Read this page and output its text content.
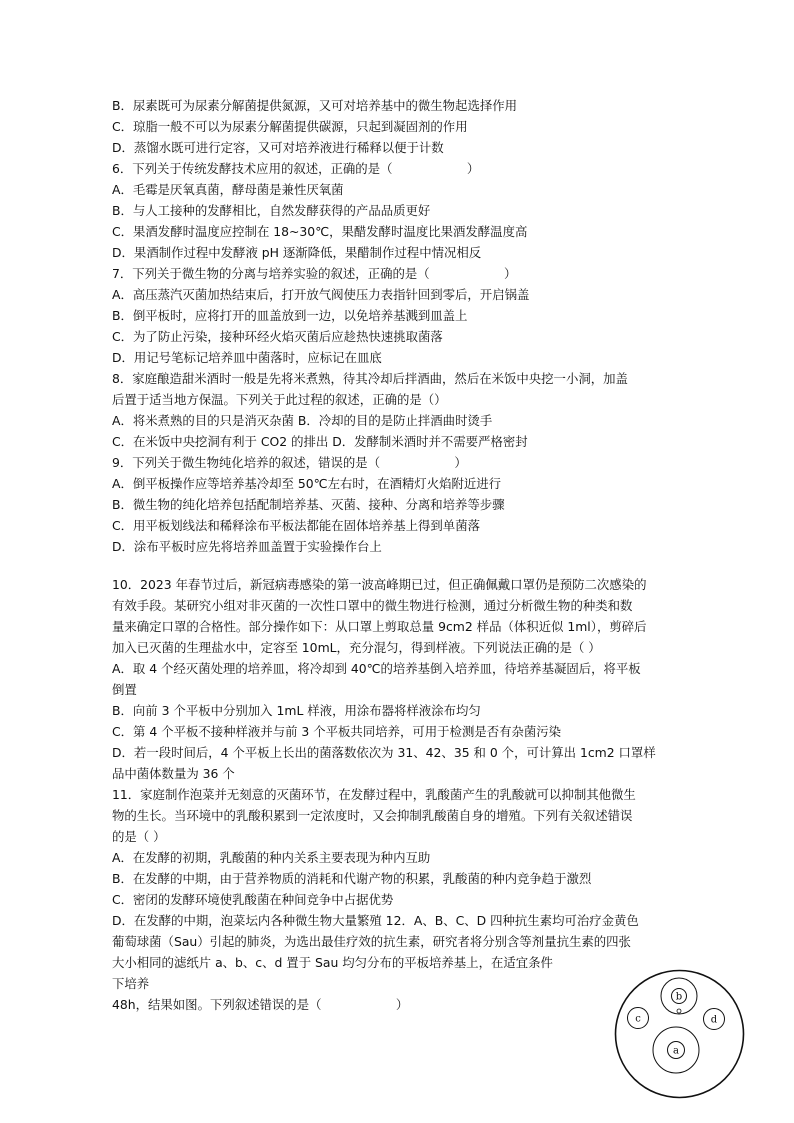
B．尿素既可为尿素分解菌提供氮源，又可对培养基中的微生物起选择作用
C．琼脂一般不可以为尿素分解菌提供碳源，只起到凝固剂的作用
D．蒸馏水既可进行定容，又可对培养液进行稀释以便于计数
6．下列关于传统发酵技术应用的叙述，正确的是（　　　　　　）
A．毛霉是厌氧真菌，酵母菌是兼性厌氧菌
B．与人工接种的发酵相比，自然发酵获得的产品品质更好
C．果酒发酵时温度应控制在 18~30℃，果醋发酵时温度比果酒发酵温度高
D．果酒制作过程中发酵液 pH 逐渐降低，果醋制作过程中情况相反
7．下列关于微生物的分离与培养实验的叙述，正确的是（　　　　　　）
A．高压蒸汽灭菌加热结束后，打开放气阀使压力表指针回到零后，开启锅盖
B．倒平板时，应将打开的皿盖放到一边，以免培养基溅到皿盖上
C．为了防止污染，接种环经火焰灭菌后应趁热快速挑取菌落
D．用记号笔标记培养皿中菌落时，应标记在皿底
8．家庭酿造甜米酒时一般是先将米煮熟，待其冷却后拌酒曲，然后在米饭中央挖一小洞，加盖
后置于适当地方保温。下列关于此过程的叙述，正确的是（）
A．将米煮熟的目的只是消灭杂菌 B．冷却的目的是防止拌酒曲时烫手
C．在米饭中央挖洞有利于 CO2 的排出 D．发酵制米酒时并不需要严格密封
9．下列关于微生物纯化培养的叙述，错误的是（　　　　　　）
A．倒平板操作应等培养基冷却至 50℃左右时，在酒精灯火焰附近进行
B．微生物的纯化培养包括配制培养基、灭菌、接种、分离和培养等步骤
C．用平板划线法和稀释涂布平板法都能在固体培养基上得到单菌落
D．涂布平板时应先将培养皿盖置于实验操作台上
10．2023 年春节过后，新冠病毒感染的第一波高峰期已过，但正确佩戴口罩仍是预防二次感染的
有效手段。某研究小组对非灭菌的一次性口罩中的微生物进行检测，通过分析微生物的种类和数
量来确定口罩的合格性。部分操作如下：从口罩上剪取总量 9cm2 样品（体积近似 1ml），剪碎后
加入已灭菌的生理盐水中，定容至 10mL，充分混匀，得到样液。下列说法正确的是（ ）
A．取 4 个经灭菌处理的培养皿，将冷却到 40℃的培养基倒入培养皿，待培养基凝固后，将平板
倒置
B．向前 3 个平板中分别加入 1mL 样液，用涂布器将样液涂布均匀
C．第 4 个平板不接种样液并与前 3 个平板共同培养，可用于检测是否有杂菌污染
D．若一段时间后，4 个平板上长出的菌落数依次为 31、42、35 和 0 个，可计算出 1cm2 口罩样
品中菌体数量为 36 个
11．家庭制作泡菜并无刻意的灭菌环节，在发酵过程中，乳酸菌产生的乳酸就可以抑制其他微生
物的生长。当环境中的乳酸积累到一定浓度时，又会抑制乳酸菌自身的增殖。下列有关叙述错误
的是（ ）
A．在发酵的初期，乳酸菌的种内关系主要表现为种内互助
B．在发酵的中期，由于营养物质的消耗和代谢产物的积累，乳酸菌的种内竞争趋于激烈
C．密闭的发酵环境使乳酸菌在种间竞争中占据优势
D．在发酵的中期，泡菜坛内各种微生物大量繁殖 12．A、B、C、D 四种抗生素均可治疗金黄色
葡萄球菌（Sau）引起的肺炎，为选出最佳疗效的抗生素，研究者将分别含等剂量抗生素的四张
大小相同的滤纸片 a、b、c、d 置于 Sau 均匀分布的平板培养基上，在适宜条件
下培养
48h，结果如图。下列叙述错误的是（　　　　　　）	b
c	d
a
